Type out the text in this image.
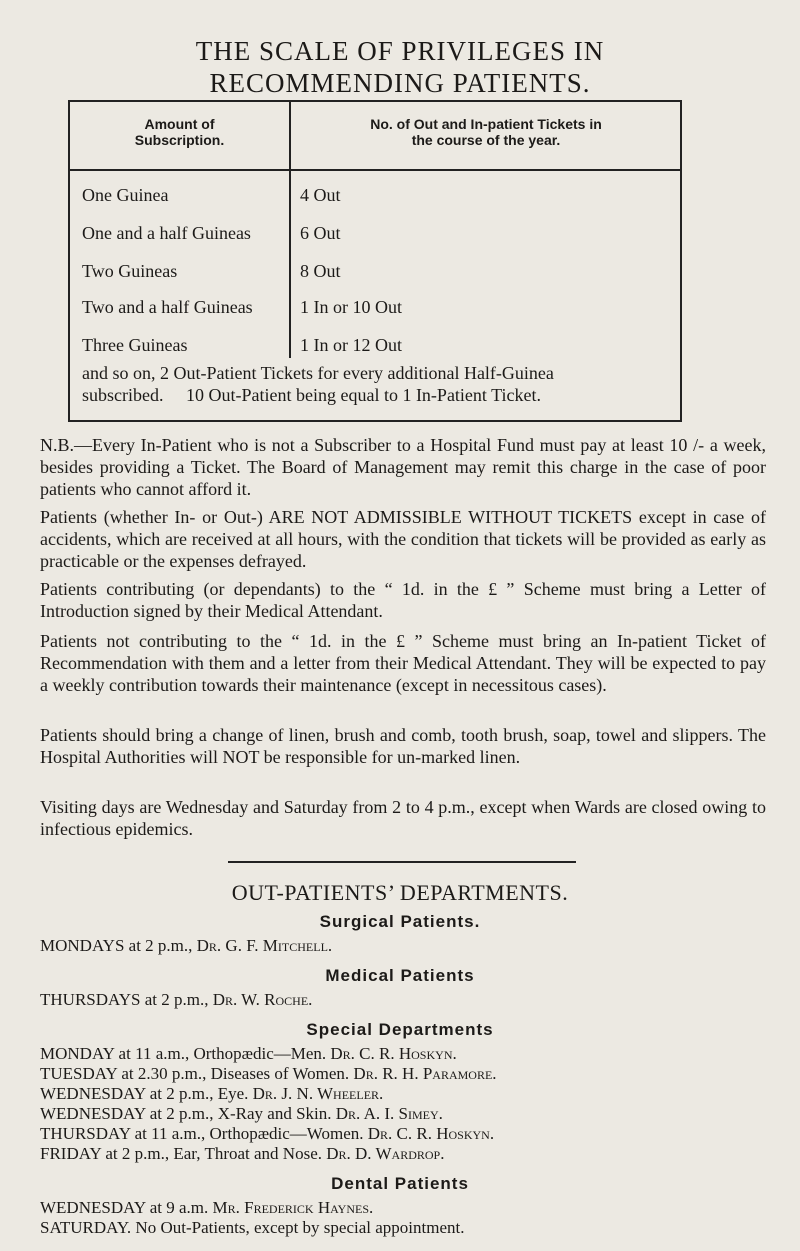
THE SCALE OF PRIVILEGES IN
RECOMMENDING PATIENTS.
Amount of
Subscription.
No. of Out and In-patient Tickets in
the course of the year.
One Guinea	4 Out
One and a half Guineas	6 Out
Two Guineas	8 Out
Two and a half Guineas	1 In or 10 Out
Three Guineas	1 In or 12 Out
and so on, 2 Out-Patient Tickets for every additional Half-Guinea
subscribed.     10 Out-Patient being equal to 1 In-Patient Ticket.
N.B.—Every In-Patient who is not a Subscriber to a Hospital Fund must pay at least 10 /- a week, besides providing a Ticket. The Board of Management may remit this charge in the case of poor patients who cannot afford it.
Patients (whether In- or Out-) ARE NOT ADMISSIBLE WITHOUT TICKETS except in case of accidents, which are received at all hours, with the condition that tickets will be provided as early as practicable or the expenses defrayed.
Patients contributing (or dependants) to the “ 1d. in the £ ” Scheme must bring a Letter of Introduction signed by their Medical Attendant.
Patients not contributing to the “ 1d. in the £ ” Scheme must bring an In-patient Ticket of Recommendation with them and a letter from their Medical Attendant. They will be expected to pay a weekly contribution towards their maintenance (except in necessitous cases).
Patients should bring a change of linen, brush and comb, tooth brush, soap, towel and slippers. The Hospital Authorities will NOT be responsible for un-marked linen.
Visiting days are Wednesday and Saturday from 2 to 4 p.m., except when Wards are closed owing to infectious epidemics.
OUT-PATIENTS’ DEPARTMENTS.
Surgical Patients.
MONDAYS at 2 p.m., Dr. G. F. Mitchell.
Medical Patients
THURSDAYS at 2 p.m., Dr. W. Roche.
Special Departments
MONDAY at 11 a.m., Orthopædic—Men. Dr. C. R. Hoskyn.
TUESDAY at 2.30 p.m., Diseases of Women. Dr. R. H. Paramore.
WEDNESDAY at 2 p.m., Eye. Dr. J. N. Wheeler.
WEDNESDAY at 2 p.m., X-Ray and Skin. Dr. A. I. Simey.
THURSDAY at 11 a.m., Orthopædic—Women. Dr. C. R. Hoskyn.
FRIDAY at 2 p.m., Ear, Throat and Nose. Dr. D. Wardrop.
Dental Patients
WEDNESDAY at 9 a.m. Mr. Frederick Haynes.
SATURDAY. No Out-Patients, except by special appointment.
